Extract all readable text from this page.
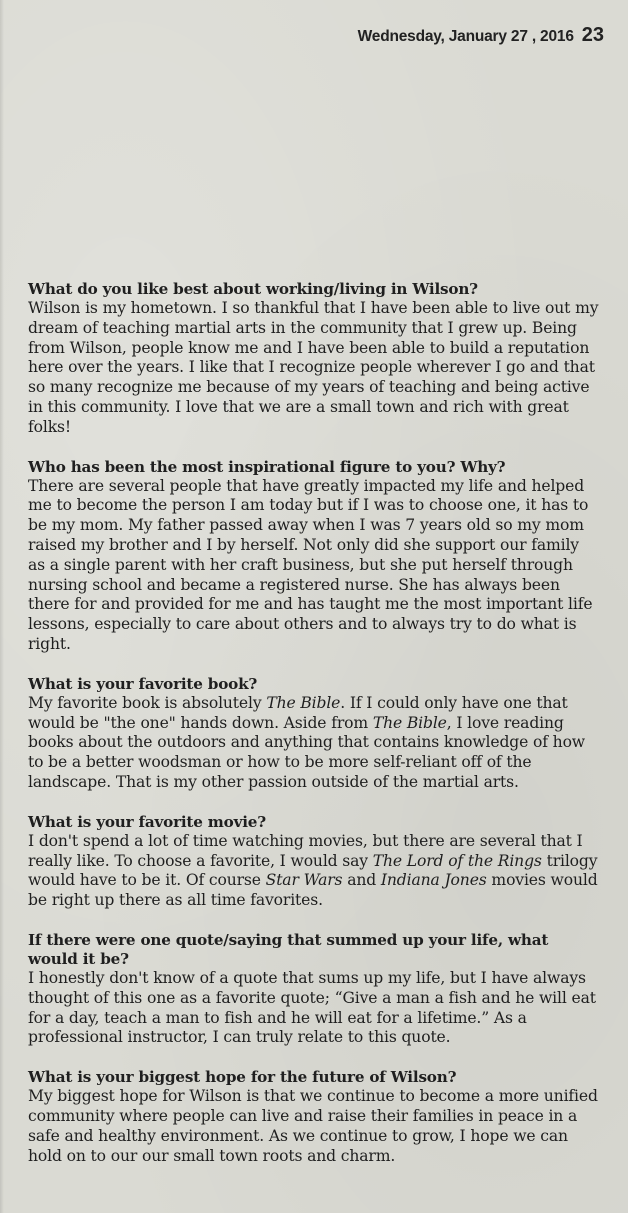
Wednesday, January 27 , 2016 23

What do you like best about working/living in Wilson?

Wilson is my hometown. I so thankful that I have been able to live out my dream of teaching martial arts in the community that I grew up. Being from Wilson, people know me and I have been able to build a reputation here over the years. I like that I recognize people wherever I go and that so many recognize me because of my years of teaching and being active in this community. I love that we are a small town and rich with great folks!

Who has been the most inspirational figure to you? Why?

There are several people that have greatly impacted my life and helped me to become the person I am today but if I was to choose one, it has to be my mom. My father passed away when I was 7 years old so my mom raised my brother and I by herself. Not only did she support our family as a single parent with her craft business, but she put herself through nursing school and became a registered nurse. She has always been there for and provided for me and has taught me the most important life lessons, especially to care about others and to always try to do what is right.

What is your favorite book?

My favorite book is absolutely The Bible. If I could only have one that would be "the one" hands down. Aside from The Bible, I love reading books about the outdoors and anything that contains knowledge of how to be a better woodsman or how to be more self-reliant off of the landscape. That is my other passion outside of the martial arts.

What is your favorite movie?

I don't spend a lot of time watching movies, but there are several that I really like. To choose a favorite, I would say The Lord of the Rings trilogy would have to be it. Of course Star Wars and Indiana Jones movies would be right up there as all time favorites.

If there were one quote/saying that summed up your life, what would it be?

I honestly don't know of a quote that sums up my life, but I have always thought of this one as a favorite quote; “Give a man a fish and he will eat for a day, teach a man to fish and he will eat for a lifetime.” As a professional instructor, I can truly relate to this quote.

What is your biggest hope for the future of Wilson?

My biggest hope for Wilson is that we continue to become a more unified community where people can live and raise their families in peace in a safe and healthy environment. As we continue to grow, I hope we can hold on to our our small town roots and charm.
